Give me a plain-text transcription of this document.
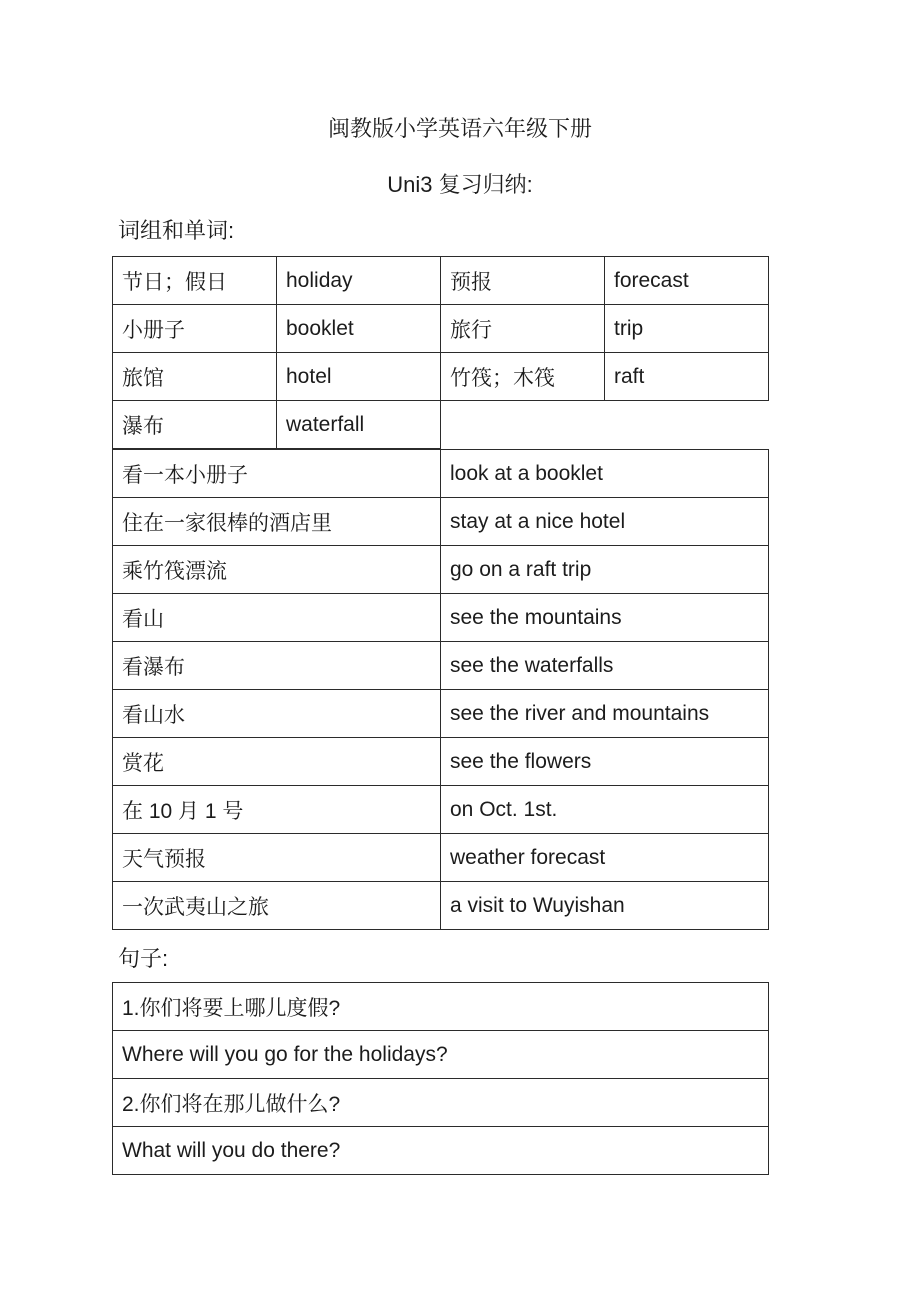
闽教版小学英语六年级下册
Uni3 复习归纳:
词组和单词:
节日；假日	holiday	预报	forecast
小册子	booklet	旅行	trip
旅馆	hotel	竹筏；木筏	raft
瀑布	waterfall		
看一本小册子	look at a booklet
住在一家很棒的酒店里	stay at a nice hotel
乘竹筏漂流	go on a raft trip
看山	see the mountains
看瀑布	see the waterfalls
看山水	see the river and mountains
赏花	see the flowers
在 10 月 1 号	on Oct. 1st.
天气预报	weather forecast
一次武夷山之旅	a visit to Wuyishan
句子:
1.你们将要上哪儿度假?
Where will you go for the holidays?
2.你们将在那儿做什么?
What will you do there?
